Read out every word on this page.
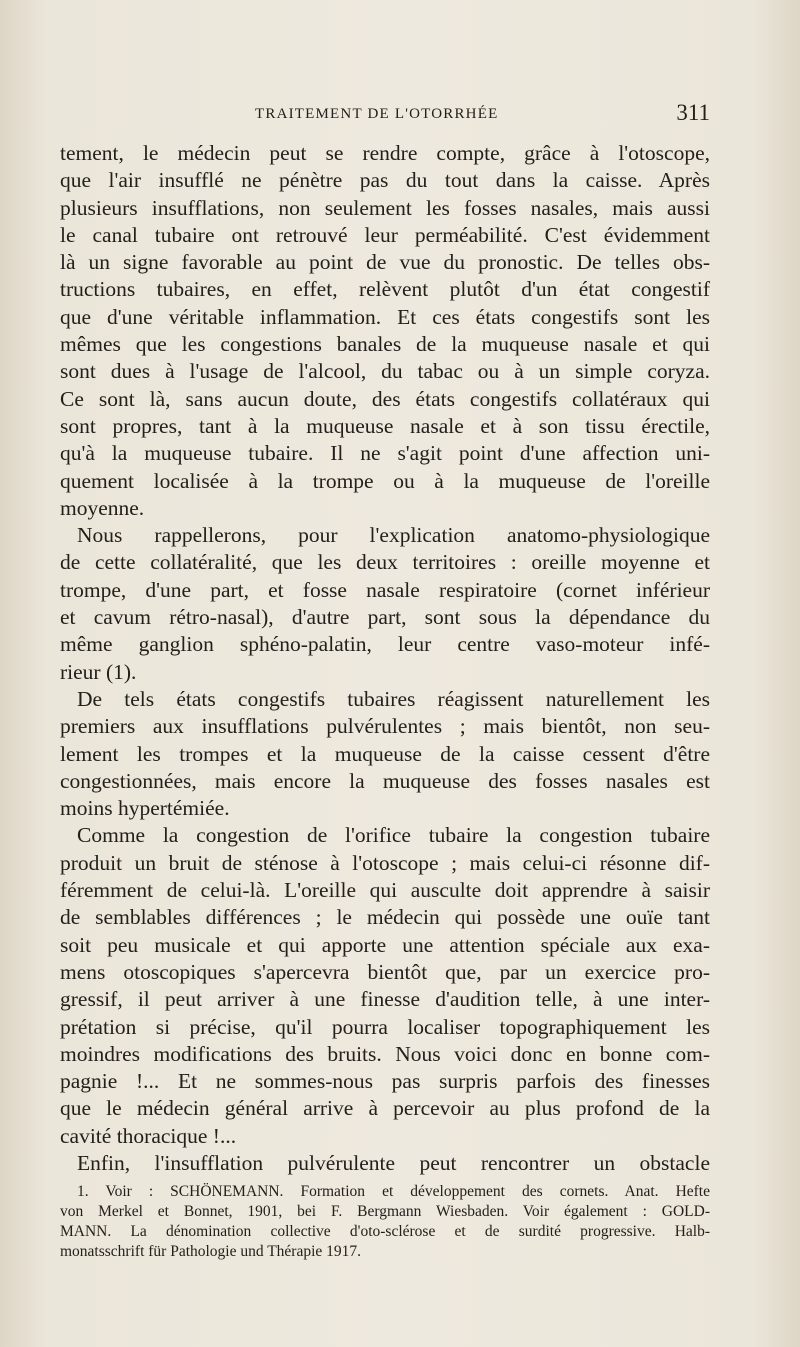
TRAITEMENT DE L'OTORRHÉE	311
tement, le médecin peut se rendre compte, grâce à l'otoscope,
que l'air insufflé ne pénètre pas du tout dans la caisse. Après
plusieurs insufflations, non seulement les fosses nasales, mais aussi
le canal tubaire ont retrouvé leur perméabilité. C'est évidemment
là un signe favorable au point de vue du pronostic. De telles obs-
tructions tubaires, en effet, relèvent plutôt d'un état congestif
que d'une véritable inflammation. Et ces états congestifs sont les
mêmes que les congestions banales de la muqueuse nasale et qui
sont dues à l'usage de l'alcool, du tabac ou à un simple coryza.
Ce sont là, sans aucun doute, des états congestifs collatéraux qui
sont propres, tant à la muqueuse nasale et à son tissu érectile,
qu'à la muqueuse tubaire. Il ne s'agit point d'une affection uni-
quement localisée à la trompe ou à la muqueuse de l'oreille
moyenne.
Nous rappellerons, pour l'explication anatomo-physiologique
de cette collatéralité, que les deux territoires : oreille moyenne et
trompe, d'une part, et fosse nasale respiratoire (cornet inférieur
et cavum rétro-nasal), d'autre part, sont sous la dépendance du
même ganglion sphéno-palatin, leur centre vaso-moteur infé-
rieur (1).
De tels états congestifs tubaires réagissent naturellement les
premiers aux insufflations pulvérulentes ; mais bientôt, non seu-
lement les trompes et la muqueuse de la caisse cessent d'être
congestionnées, mais encore la muqueuse des fosses nasales est
moins hypertémiée.
Comme la congestion de l'orifice tubaire la congestion tubaire
produit un bruit de sténose à l'otoscope ; mais celui-ci résonne dif-
féremment de celui-là. L'oreille qui ausculte doit apprendre à saisir
de semblables différences ; le médecin qui possède une ouïe tant
soit peu musicale et qui apporte une attention spéciale aux exa-
mens otoscopiques s'apercevra bientôt que, par un exercice pro-
gressif, il peut arriver à une finesse d'audition telle, à une inter-
prétation si précise, qu'il pourra localiser topographiquement les
moindres modifications des bruits. Nous voici donc en bonne com-
pagnie !... Et ne sommes-nous pas surpris parfois des finesses
que le médecin général arrive à percevoir au plus profond de la
cavité thoracique !...
Enfin, l'insufflation pulvérulente peut rencontrer un obstacle
1. Voir : SCHÖNEMANN. Formation et développement des cornets. Anat. Hefte
von Merkel et Bonnet, 1901, bei F. Bergmann Wiesbaden. Voir également : GOLD-
MANN. La dénomination collective d'oto-sclérose et de surdité progressive. Halb-
monatsschrift für Pathologie und Thérapie 1917.
